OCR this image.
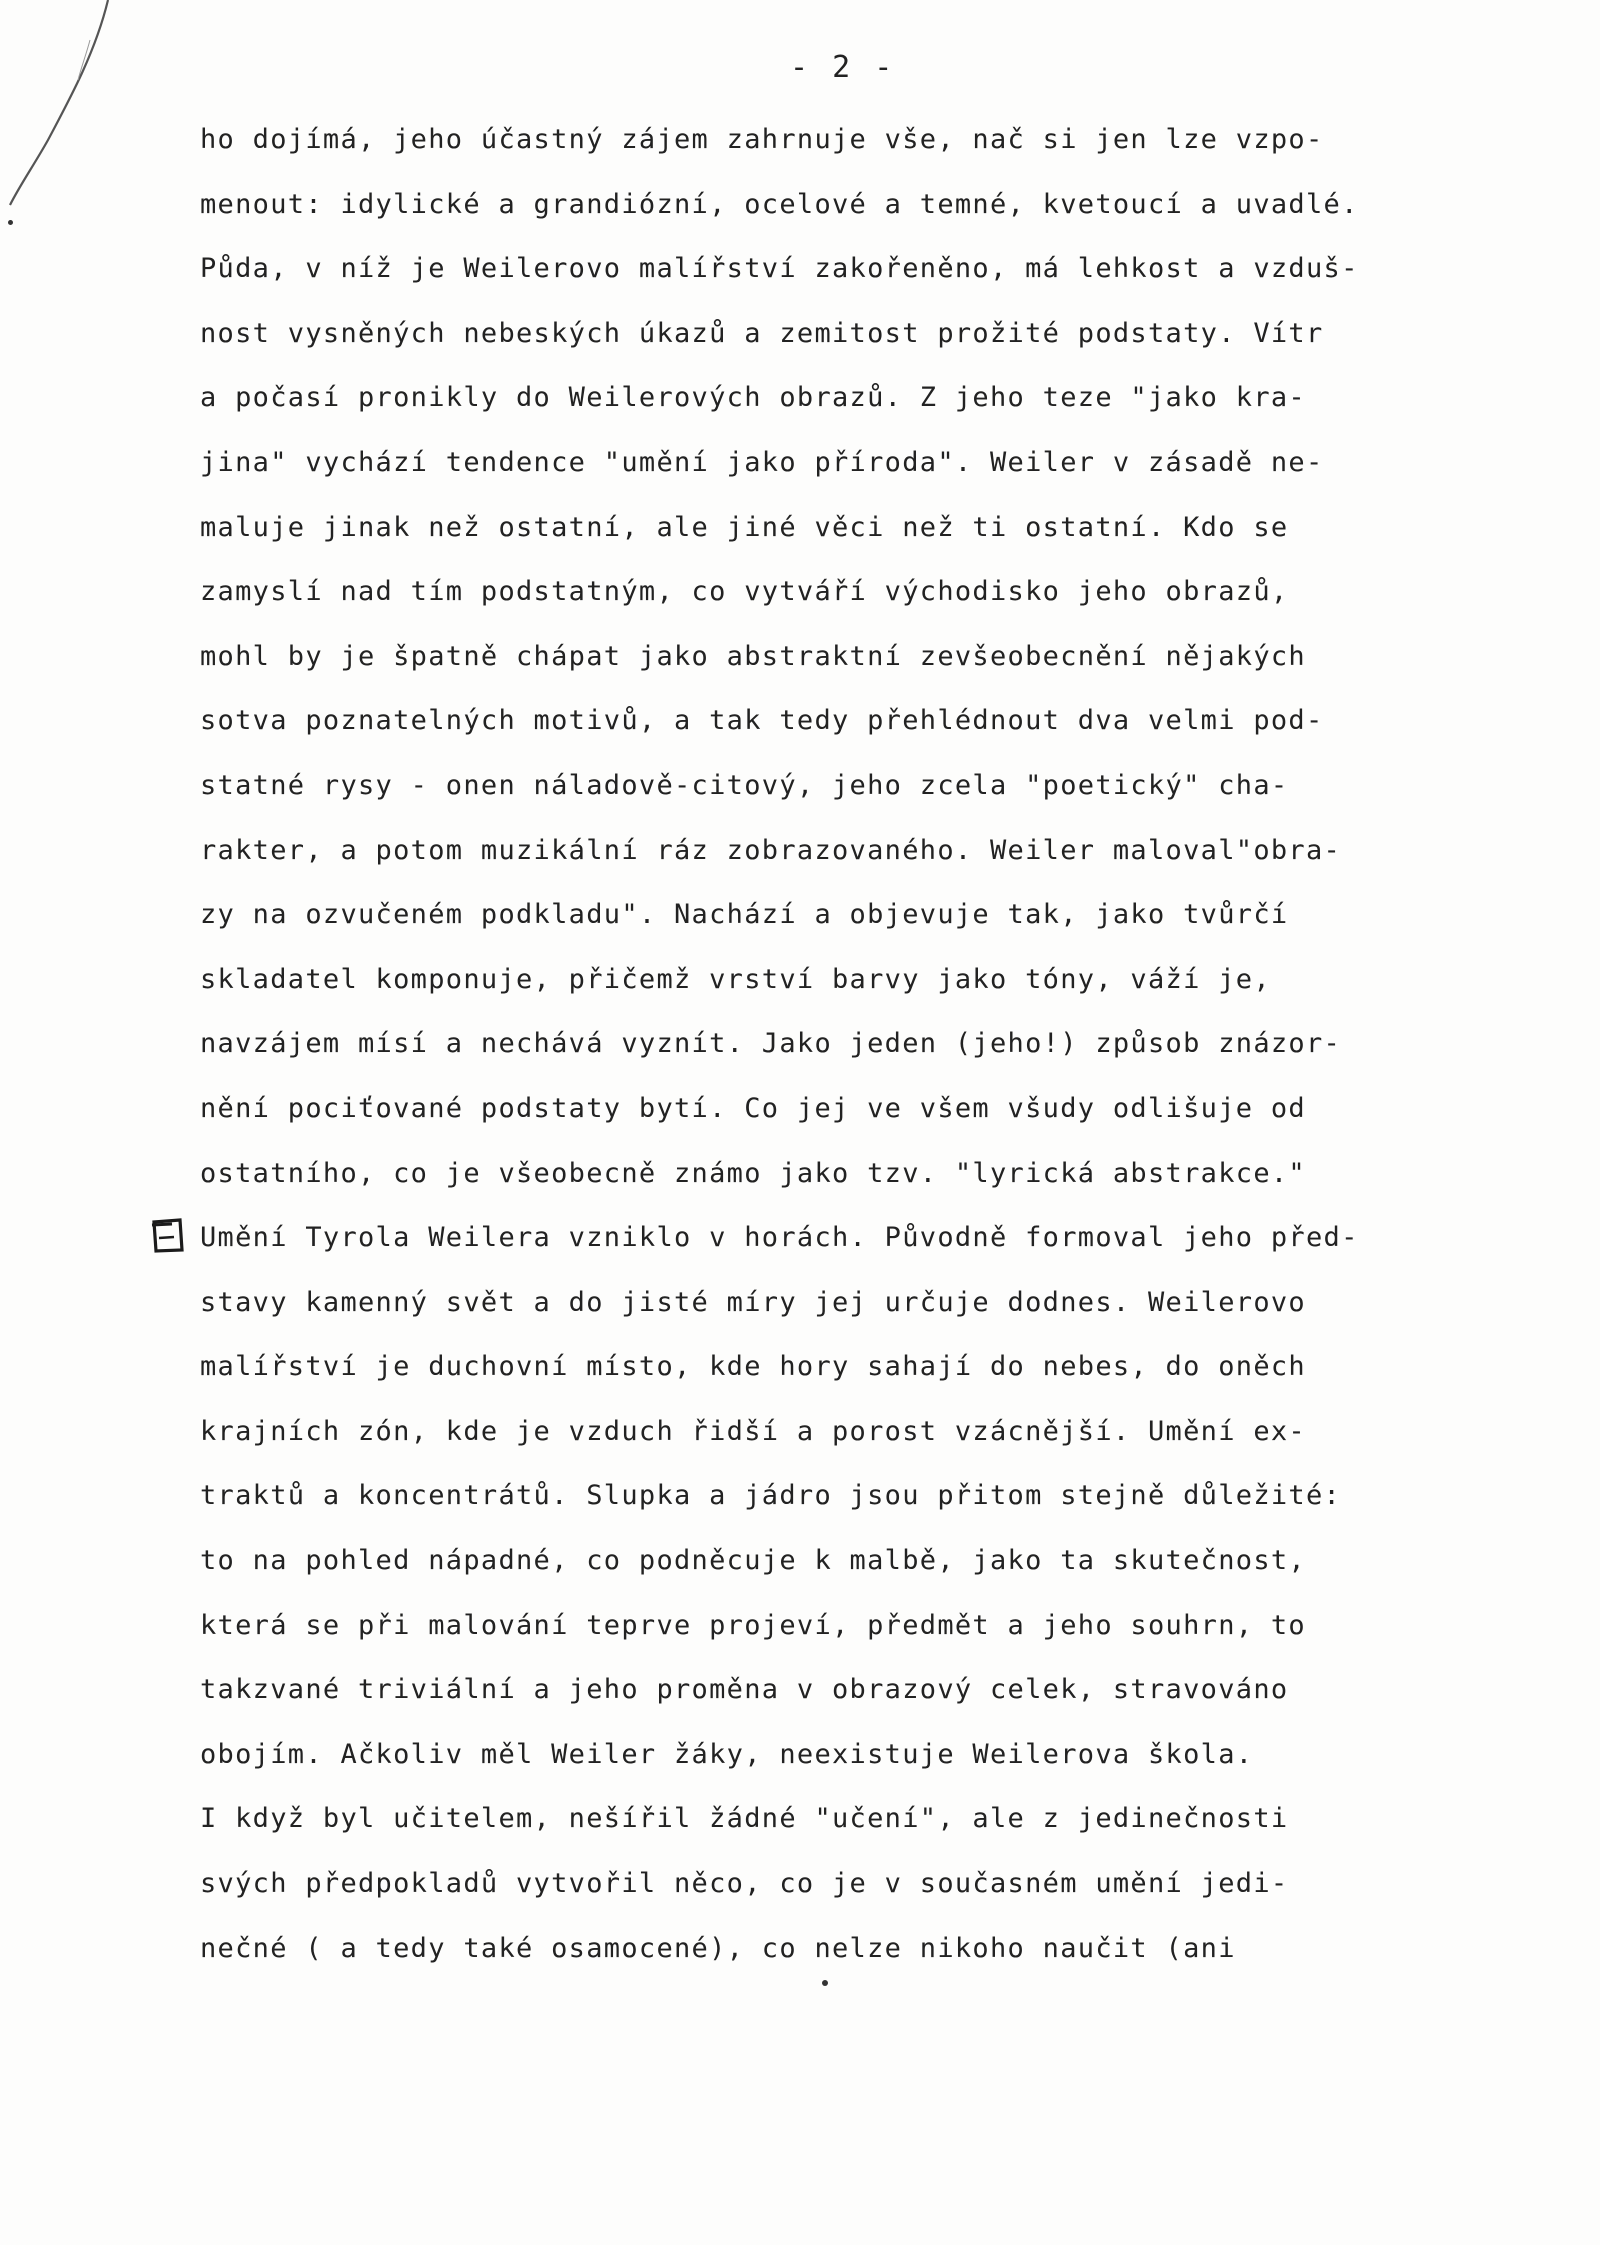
- 2 -
ho dojímá, jeho účastný zájem zahrnuje vše, nač si jen lze vzpo-
menout: idylické a grandiózní, ocelové a temné, kvetoucí a uvadlé.
Půda, v níž je Weilerovo malířství zakořeněno, má lehkost a vzduš-
nost vysněných nebeských úkazů a zemitost prožité podstaty. Vítr
a počasí pronikly do Weilerových obrazů. Z jeho teze "jako kra-
jina" vychází tendence "umění jako příroda". Weiler v zásadě ne-
maluje jinak než ostatní, ale jiné věci než ti ostatní. Kdo se
zamyslí nad tím podstatným, co vytváří východisko jeho obrazů,
mohl by je špatně chápat jako abstraktní zevšeobecnění nějakých
sotva poznatelných motivů, a tak tedy přehlédnout dva velmi pod-
statné rysy - onen náladově-citový, jeho zcela "poetický" cha-
rakter, a potom muzikální ráz zobrazovaného. Weiler maloval"obra-
zy na ozvučeném podkladu". Nachází a objevuje tak, jako tvůrčí
skladatel komponuje, přičemž vrství barvy jako tóny, váží je,
navzájem mísí a nechává vyznít. Jako jeden (jeho!) způsob znázor-
nění pociťované podstaty bytí. Co jej ve všem všudy odlišuje od
ostatního, co je všeobecně známo jako tzv. "lyrická abstrakce."
Umění Tyrola Weilera vzniklo v horách. Původně formoval jeho před-
stavy kamenný svět a do jisté míry jej určuje dodnes. Weilerovo
malířství je duchovní místo, kde hory sahají do nebes, do oněch
krajních zón, kde je vzduch řidší a porost vzácnější. Umění ex-
traktů a koncentrátů. Slupka a jádro jsou přitom stejně důležité:
to na pohled nápadné, co podněcuje k malbě, jako ta skutečnost,
která se při malování teprve projeví, předmět a jeho souhrn, to
takzvané triviální a jeho proměna v obrazový celek, stravováno
obojím. Ačkoliv měl Weiler žáky, neexistuje Weilerova škola.
I když byl učitelem, nešířil žádné "učení", ale z jedinečnosti
svých předpokladů vytvořil něco, co je v současném umění jedi-
nečné ( a tedy také osamocené), co nelze nikoho naučit (ani
